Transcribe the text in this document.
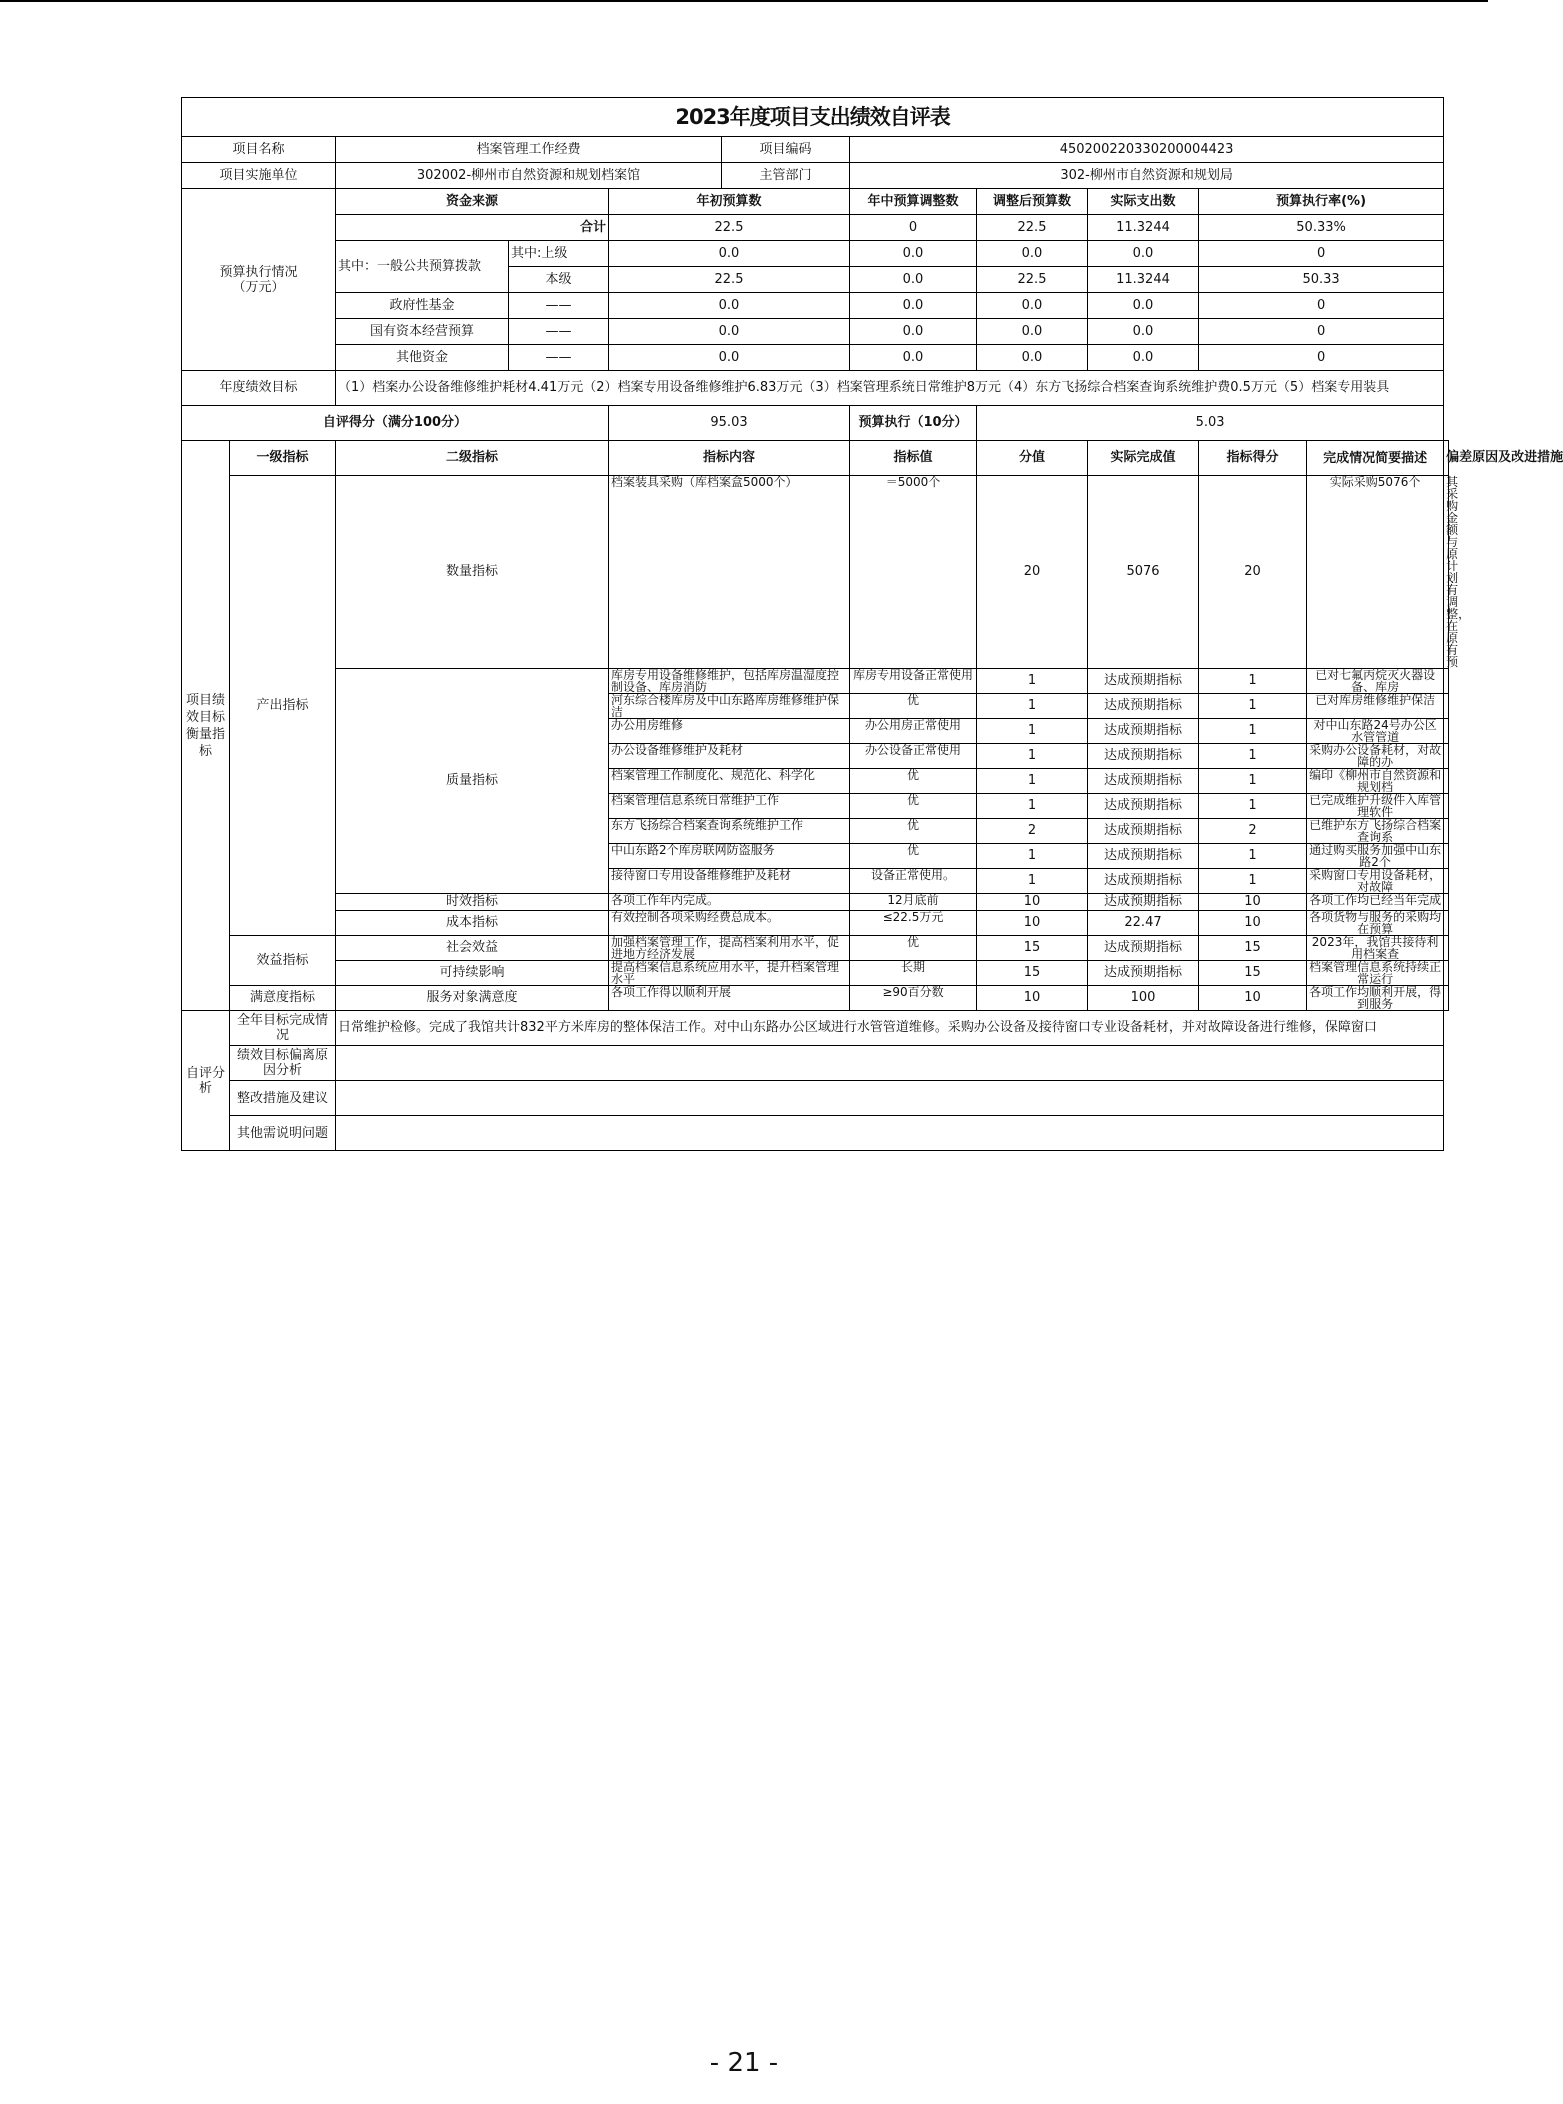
2023年度项目支出绩效自评表											
项目名称		档案管理工作经费			项目编码	450200220330200004423					
项目实施单位		302002-柳州市自然资源和规划档案馆			主管部门	302-柳州市自然资源和规划局					
预算执行情况
（万元）		资金来源		年初预算数		年中预算调整数	调整后预算数	实际支出数	预算执行率(%)		
		合计		22.5		0	22.5	11.3244	50.33%		
		其中：一般公共预算拨款	其中:上级	0.0		0.0	0.0	0.0	0		
			本级	22.5		0.0	22.5	11.3244	50.33		
		政府性基金	——	0.0		0.0	0.0	0.0	0		
		国有资本经营预算	——	0.0		0.0	0.0	0.0	0		
		其他资金	——	0.0		0.0	0.0	0.0	0		
年度绩效目标		（1）档案办公设备维修维护耗材4.41万元（2）档案专用设备维修维护6.83万元（3）档案管理系统日常维护8万元（4）东方飞扬综合档案查询系统维护费0.5万元（5）档案专用装具									
自评得分（满分100分）				95.03		预算执行（10分）	5.03				
项目绩效目标衡量指标	一级指标	二级指标		指标内容		指标值	分值	实际完成值	指标得分	完成情况简要描述	偏差原因及改进措施
	产出指标	数量指标		档案装具采购（库档案盒5000个）		＝5000个	20	5076	20	实际采购5076个	其采购金额与原计划有调整，在原有预
		质量指标		库房专用设备维修维护，包括库房温湿度控制设备、库房消防		库房专用设备正常使用	1	达成预期指标	1	已对七氟丙烷灭火器设备、库房	
				河东综合楼库房及中山东路库房维修维护保洁		优	1	达成预期指标	1	已对库房维修维护保洁	
				办公用房维修		办公用房正常使用	1	达成预期指标	1	对中山东路24号办公区水管管道	
				办公设备维修维护及耗材		办公设备正常使用	1	达成预期指标	1	采购办公设备耗材，对故障的办	
				档案管理工作制度化、规范化、科学化		优	1	达成预期指标	1	编印《柳州市自然资源和规划档	
				档案管理信息系统日常维护工作		优	1	达成预期指标	1	已完成维护升级件入库管理软件	
				东方飞扬综合档案查询系统维护工作		优	2	达成预期指标	2	已维护东方飞扬综合档案查询系	
				中山东路2个库房联网防盗服务		优	1	达成预期指标	1	通过购买服务加强中山东路2个	
				接待窗口专用设备维修维护及耗材		设备正常使用。	1	达成预期指标	1	采购窗口专用设备耗材，对故障	
		时效指标		各项工作年内完成。		12月底前	10	达成预期指标	10	各项工作均已经当年完成	
		成本指标		有效控制各项采购经费总成本。		≤22.5万元	10	22.47	10	各项货物与服务的采购均在预算	
	效益指标	社会效益		加强档案管理工作，提高档案利用水平，促进地方经济发展		优	15	达成预期指标	15	2023年，我馆共接待利用档案查	
		可持续影响		提高档案信息系统应用水平，提升档案管理水平		长期	15	达成预期指标	15	档案管理信息系统持续正常运行	
	满意度指标	服务对象满意度		各项工作得以顺利开展		≥90百分数	10	100	10	各项工作均顺利开展，得到服务	
自评分析	全年目标完成情况	日常维护检修。完成了我馆共计832平方米库房的整体保洁工作。对中山东路办公区域进行水管管道维修。采购办公设备及接待窗口专业设备耗材，并对故障设备进行维修，保障窗口									
	绩效目标偏离原因分析										
	整改措施及建议										
	其他需说明问题										
- 21 -
